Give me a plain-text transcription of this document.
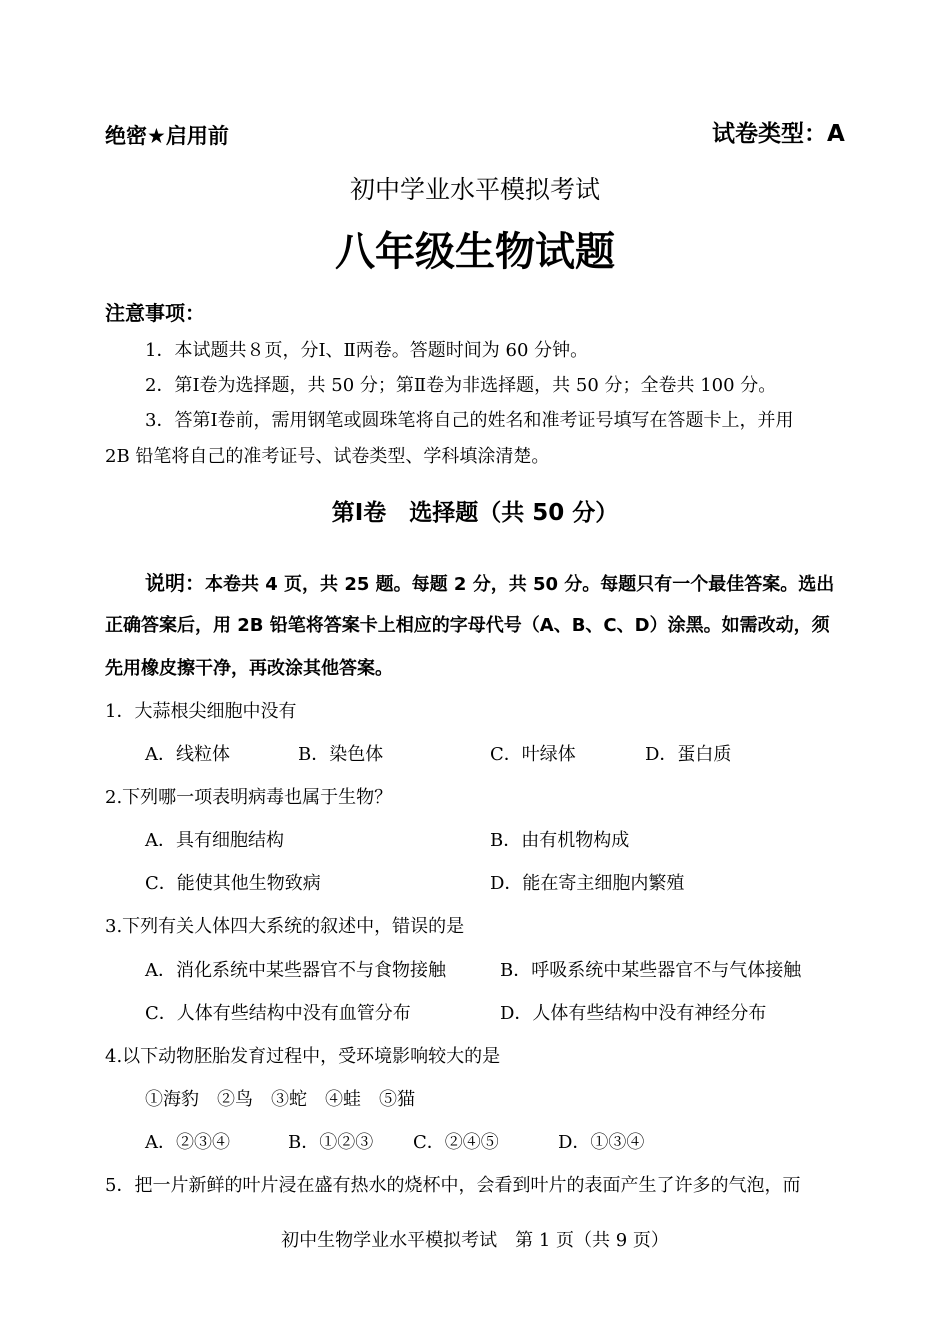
绝密★启用前	试卷类型：A
初中学业水平模拟考试
八年级生物试题
注意事项：
1．本试题共８页，分Ⅰ、Ⅱ两卷。答题时间为 60 分钟。
2．第Ⅰ卷为选择题，共 50 分；第Ⅱ卷为非选择题，共 50 分；全卷共 100 分。
3．答第Ⅰ卷前，需用钢笔或圆珠笔将自己的姓名和准考证号填写在答题卡上，并用
2B 铅笔将自己的准考证号、试卷类型、学科填涂清楚。
第Ⅰ卷　选择题（共 50 分）
说明：本卷共 4 页，共 25 题。每题 2 分，共 50 分。每题只有一个最佳答案。选出
正确答案后，用 2B 铅笔将答案卡上相应的字母代号（A、B、C、D）涂黑。如需改动，须
先用橡皮擦干净，再改涂其他答案。
1．大蒜根尖细胞中没有
A．线粒体	B．染色体	C．叶绿体	D．蛋白质
2.下列哪一项表明病毒也属于生物？
A．具有细胞结构	B．由有机物构成
C．能使其他生物致病	D．能在寄主细胞内繁殖
3.下列有关人体四大系统的叙述中，错误的是
A．消化系统中某些器官不与食物接触	B．呼吸系统中某些器官不与气体接触
C．人体有些结构中没有血管分布	D．人体有些结构中没有神经分布
4.以下动物胚胎发育过程中，受环境影响较大的是
①海豹　②鸟　③蛇　④蛙　⑤猫
A．②③④	B．①②③ C．②④⑤	D．①③④
5．把一片新鲜的叶片浸在盛有热水的烧杯中，会看到叶片的表面产生了许多的气泡，而
初中生物学业水平模拟考试　第 1 页（共 9 页）
